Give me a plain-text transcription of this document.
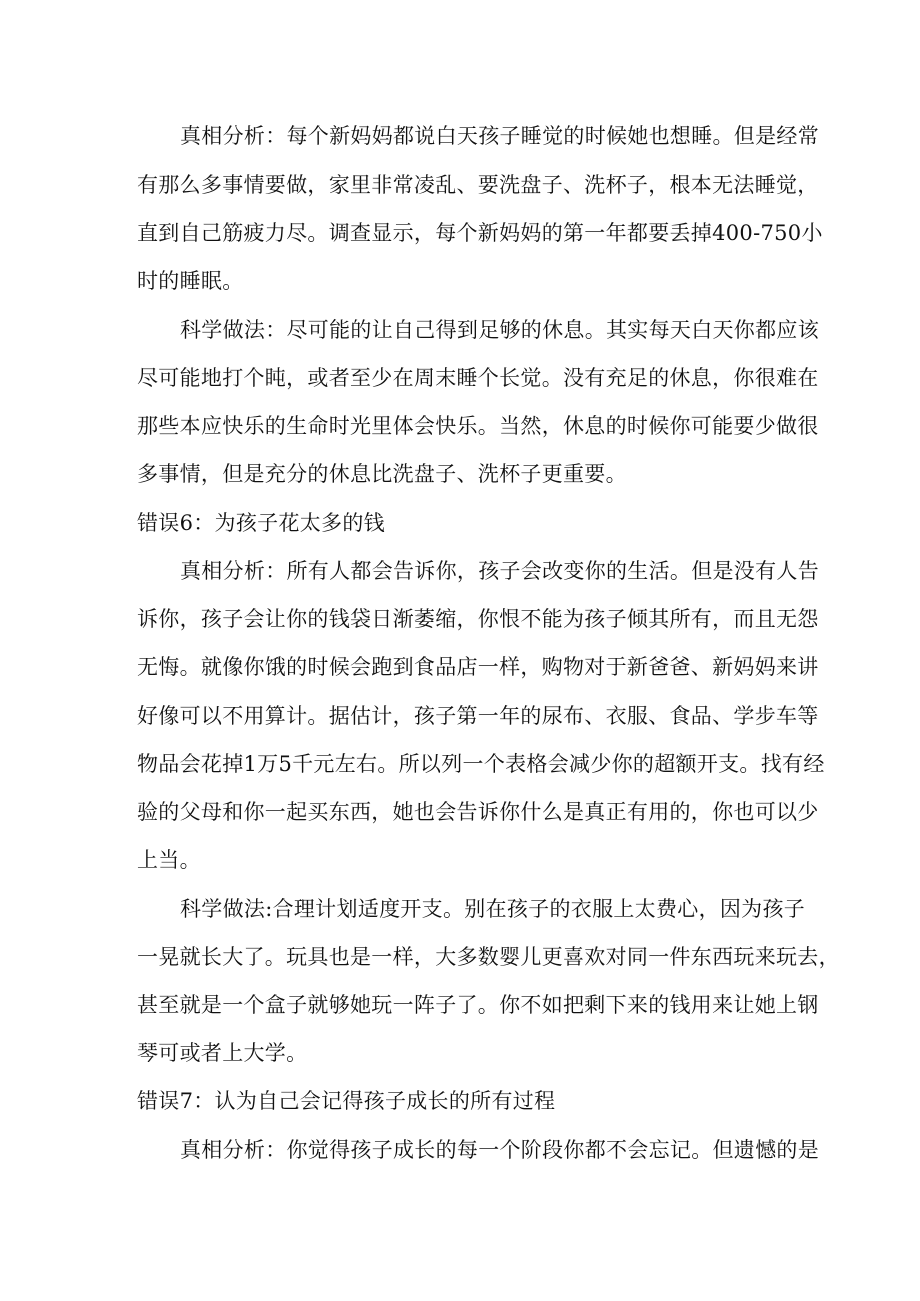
真相分析：每个新妈妈都说白天孩子睡觉的时候她也想睡。但是经常
有那么多事情要做，家里非常凌乱、要洗盘子、洗杯子，根本无法睡觉，
直到自己筋疲力尽。调查显示，每个新妈妈的第一年都要丢掉400-750小
时的睡眠。
科学做法：尽可能的让自己得到足够的休息。其实每天白天你都应该
尽可能地打个盹，或者至少在周末睡个长觉。没有充足的休息，你很难在
那些本应快乐的生命时光里体会快乐。当然，休息的时候你可能要少做很
多事情，但是充分的休息比洗盘子、洗杯子更重要。
错误6：为孩子花太多的钱
真相分析：所有人都会告诉你，孩子会改变你的生活。但是没有人告
诉你，孩子会让你的钱袋日渐萎缩，你恨不能为孩子倾其所有，而且无怨
无悔。就像你饿的时候会跑到食品店一样，购物对于新爸爸、新妈妈来讲
好像可以不用算计。据估计，孩子第一年的尿布、衣服、食品、学步车等
物品会花掉1万5千元左右。所以列一个表格会减少你的超额开支。找有经
验的父母和你一起买东西，她也会告诉你什么是真正有用的，你也可以少
上当。
科学做法:合理计划适度开支。别在孩子的衣服上太费心，因为孩子
一晃就长大了。玩具也是一样，大多数婴儿更喜欢对同一件东西玩来玩去，
甚至就是一个盒子就够她玩一阵子了。你不如把剩下来的钱用来让她上钢
琴可或者上大学。
错误7：认为自己会记得孩子成长的所有过程
真相分析：你觉得孩子成长的每一个阶段你都不会忘记。但遗憾的是
